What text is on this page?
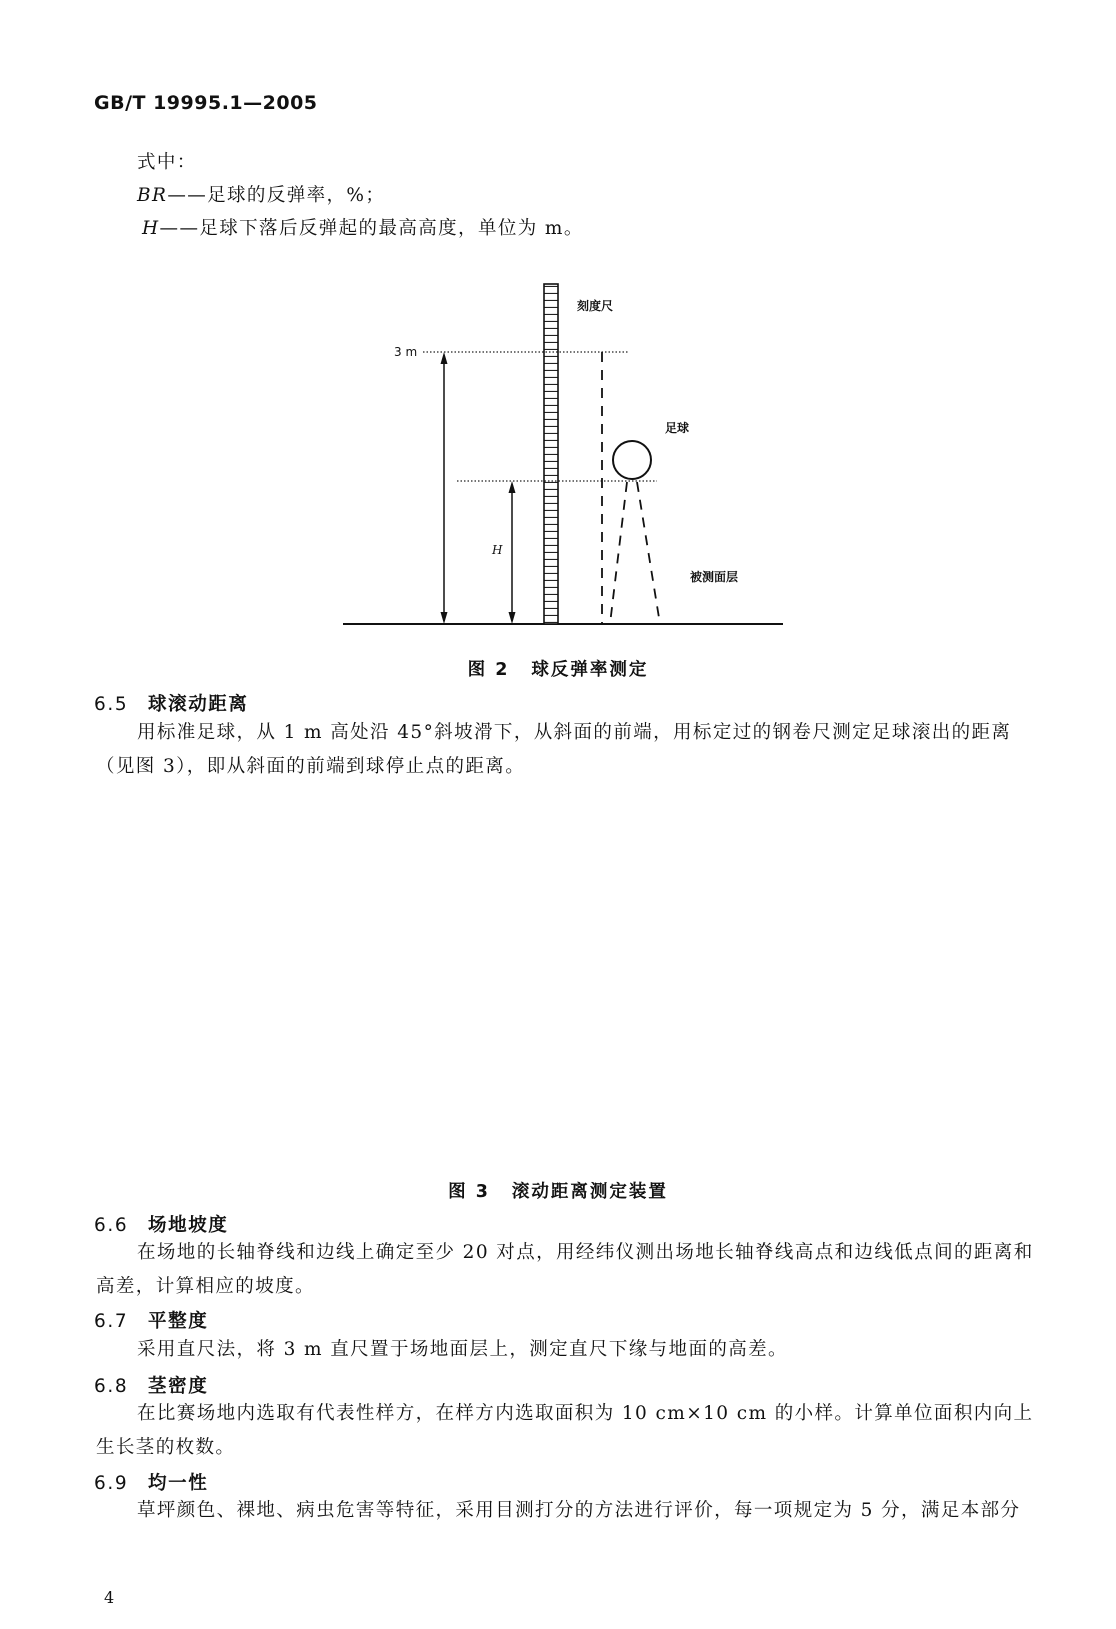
GB/T 19995.1—2005
式中：
BR——足球的反弹率，%；
H——足球下落后反弹起的最高高度，单位为 m。
刻度尺
3 m
足球
H
被测面层
图 2 球反弹率测定
6.5 球滚动距离
用标准足球，从 1 m 高处沿 45°斜坡滑下，从斜面的前端，用标定过的钢卷尺测定足球滚出的距离（见图 3），即从斜面的前端到球停止点的距离。
图 3 滚动距离测定装置
6.6 场地坡度
在场地的长轴脊线和边线上确定至少 20 对点，用经纬仪测出场地长轴脊线高点和边线低点间的距离和高差，计算相应的坡度。
6.7 平整度
采用直尺法，将 3 m 直尺置于场地面层上，测定直尺下缘与地面的高差。
6.8 茎密度
在比赛场地内选取有代表性样方，在样方内选取面积为 10 cm×10 cm 的小样。计算单位面积内向上生长茎的枚数。
6.9 均一性
草坪颜色、裸地、病虫危害等特征，采用目测打分的方法进行评价，每一项规定为 5 分，满足本部分
4
